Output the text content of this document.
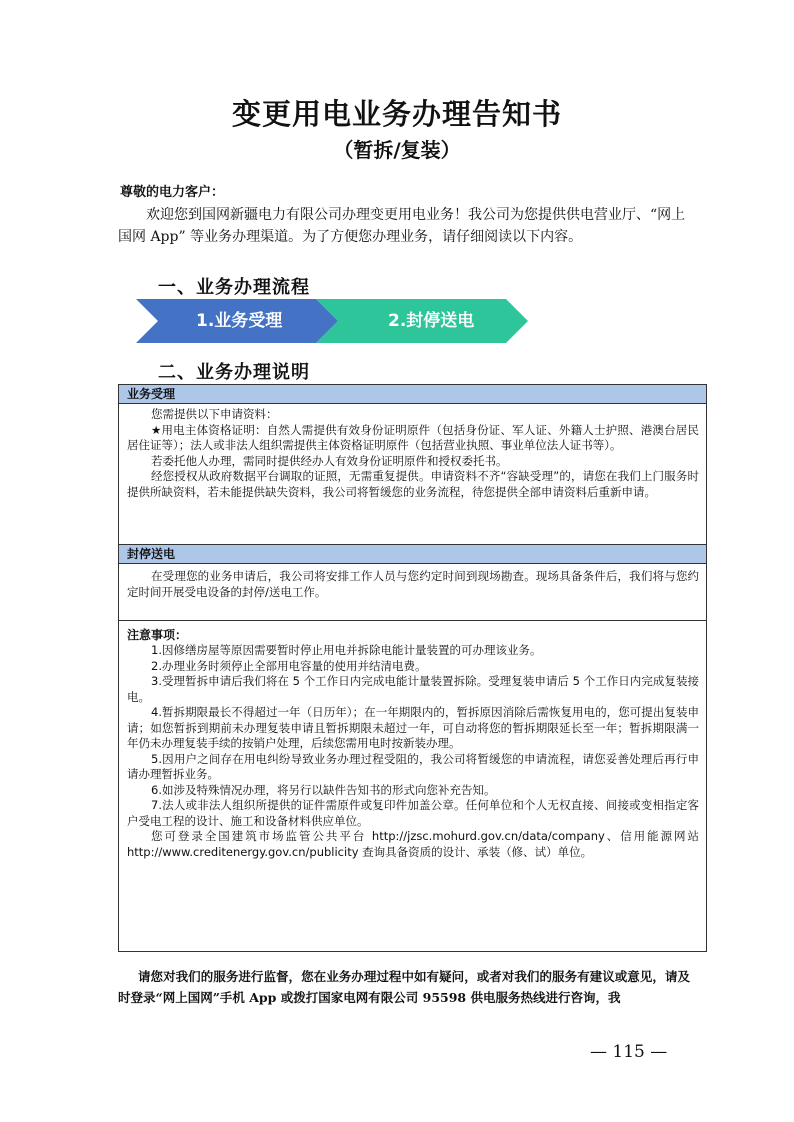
变更用电业务办理告知书
（暂拆/复装）
尊敬的电力客户：
欢迎您到国网新疆电力有限公司办理变更用电业务！我公司为您提供供电营业厅、“网上国网 App” 等业务办理渠道。为了方便您办理业务，请仔细阅读以下内容。
一、业务办理流程
1.业务受理	2.封停送电
二、业务办理说明
业务受理

您需提供以下申请资料：

★用电主体资格证明：自然人需提供有效身份证明原件（包括身份证、军人证、外籍人士护照、港澳台居民居住证等）；法人或非法人组织需提供主体资格证明原件（包括营业执照、事业单位法人证书等）。

若委托他人办理，需同时提供经办人有效身份证明原件和授权委托书。

经您授权从政府数据平台调取的证照，无需重复提供。申请资料不齐“容缺受理”的，请您在我们上门服务时提供所缺资料，若未能提供缺失资料，我公司将暂缓您的业务流程，待您提供全部申请资料后重新申请。

封停送电

在受理您的业务申请后，我公司将安排工作人员与您约定时间到现场勘查。现场具备条件后，我们将与您约定时间开展受电设备的封停/送电工作。

注意事项：

1.因修缮房屋等原因需要暂时停止用电并拆除电能计量装置的可办理该业务。

2.办理业务时须停止全部用电容量的使用并结清电费。

3.受理暂拆申请后我们将在 5 个工作日内完成电能计量装置拆除。受理复装申请后 5 个工作日内完成复装接电。

4.暂拆期限最长不得超过一年（日历年）；在一年期限内的，暂拆原因消除后需恢复用电的，您可提出复装申请；如您暂拆到期前未办理复装申请且暂拆期限未超过一年，可自动将您的暂拆期限延长至一年；暂拆期限满一年仍未办理复装手续的按销户处理，后续您需用电时按新装办理。

5.因用户之间存在用电纠纷导致业务办理过程受阻的，我公司将暂缓您的申请流程，请您妥善处理后再行申请办理暂拆业务。

6.如涉及特殊情况办理，将另行以缺件告知书的形式向您补充告知。

7.法人或非法人组织所提供的证件需原件或复印件加盖公章。任何单位和个人无权直接、间接或变相指定客户受电工程的设计、施工和设备材料供应单位。

您可登录全国建筑市场监管公共平台 http://jzsc.mohurd.gov.cn/data/company、信用能源网站 http://www.creditenergy.gov.cn/publicity 查询具备资质的设计、承装（修、试）单位。

请您对我们的服务进行监督，您在业务办理过程中如有疑问，或者对我们的服务有建议或意见，请及时登录“网上国网”手机 App 或拨打国家电网有限公司 95598 供电服务热线进行咨询，我
— 115 —
